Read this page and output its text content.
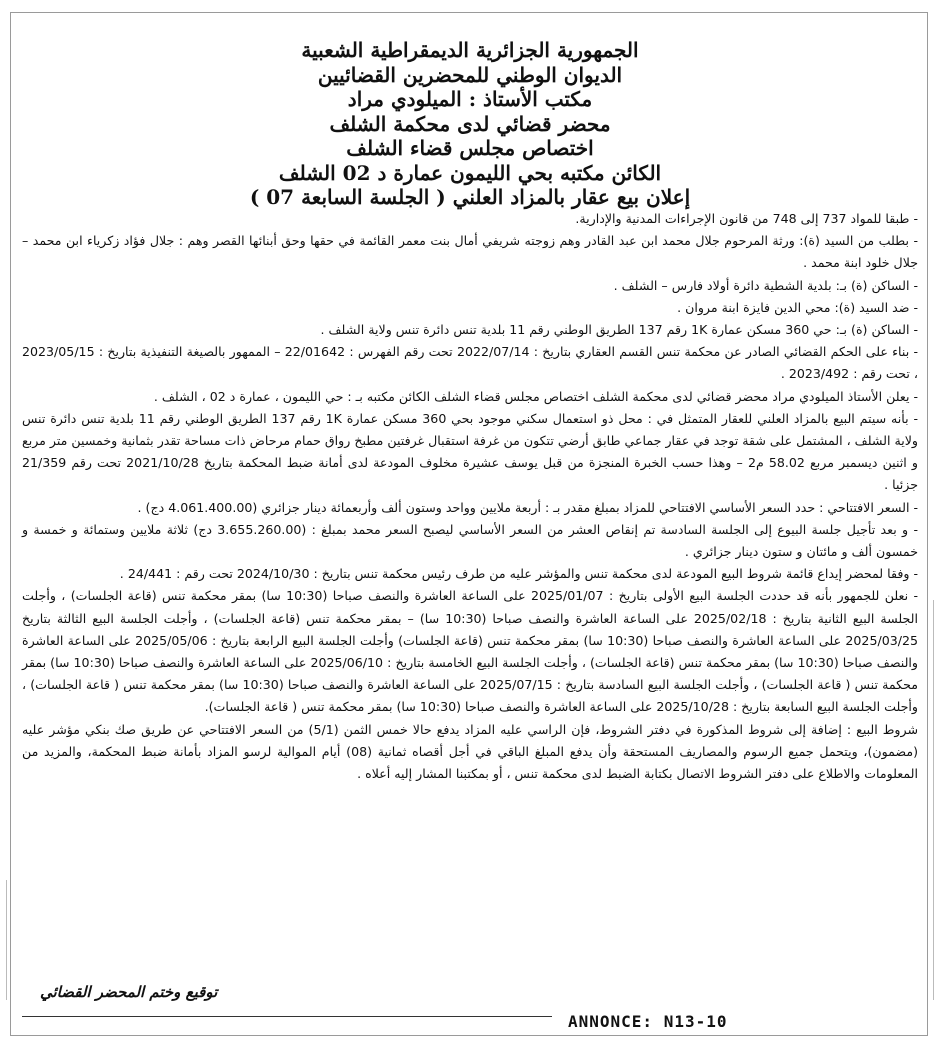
الجمهورية الجزائرية الديمقراطية الشعبية
الديوان الوطني للمحضرين القضائيين
مكتب الأستاذ : الميلودي مراد
محضر قضائي لدى محكمة الشلف
اختصاص مجلس قضاء الشلف
الكائن مكتبه بحي الليمون عمارة د 02 الشلف
إعلان بيع عقار بالمزاد العلني ( الجلسة السابعة 07 )

- طبقا للمواد 737 إلى 748 من قانون الإجراءات المدنية والإدارية.

- بطلب من السيد (ة): ورثة المرحوم جلال محمد ابن عبد القادر وهم زوجته شريفي أمال بنت معمر القائمة في حقها وحق أبنائها القصر وهم : جلال فؤاد زكرياء ابن محمد – جلال خلود ابنة محمد .

- الساكن (ة) بـ: بلدية الشطية دائرة أولاد فارس – الشلف .

- ضد السيد (ة): محي الدين فايزة ابنة مروان .

- الساكن (ة) بـ: حي 360 مسكن عمارة 1K رقم 137 الطريق الوطني رقم 11 بلدية تنس دائرة تنس ولاية الشلف .

- بناء على الحكم القضائي الصادر عن محكمة تنس القسم العقاري بتاريخ : 2022/07/14 تحت رقم الفهرس : 22/01642 – الممهور بالصيغة التنفيذية بتاريخ : 2023/05/15 ، تحت رقم : 2023/492 .

- يعلن الأستاذ الميلودي مراد محضر قضائي لدى محكمة الشلف اختصاص مجلس قضاء الشلف الكائن مكتبه بـ : حي الليمون ، عمارة د 02 ، الشلف .

- بأنه سيتم البيع بالمزاد العلني للعقار المتمثل في : محل ذو استعمال سكني موجود بحي 360 مسكن عمارة 1K رقم 137 الطريق الوطني رقم 11 بلدية تنس دائرة تنس ولاية الشلف ، المشتمل على شقة توجد في عقار جماعي طابق أرضي تتكون من غرفة استقبال غرفتين مطبخ رواق حمام مرحاض ذات مساحة تقدر بثمانية وخمسين متر مربع و اثنين ديسمبر مربع 58.02 م2 – وهذا حسب الخبرة المنجزة من قبل يوسف عشيرة مخلوف المودعة لدى أمانة ضبط المحكمة بتاريخ 2021/10/28 تحت رقم 21/359 جزئيا .

- السعر الافتتاحي : حدد السعر الأساسي الافتتاحي للمزاد بمبلغ مقدر بـ : أربعة ملايين وواحد وستون ألف وأربعمائة دينار جزائري (4.061.400.00 دج) .

- و بعد تأجيل جلسة البيوع إلى الجلسة السادسة تم إنقاص العشر من السعر الأساسي ليصبح السعر محمد بمبلغ : (3.655.260.00 دج) ثلاثة ملايين وستمائة و خمسة و خمسون ألف و مائتان و ستون دينار جزائري .

- وفقا لمحضر إيداع قائمة شروط البيع المودعة لدى محكمة تنس والمؤشر عليه من طرف رئيس محكمة تنس بتاريخ : 2024/10/30 تحت رقم : 24/441 .

- نعلن للجمهور بأنه قد حددت الجلسة البيع الأولى بتاريخ : 2025/01/07 على الساعة العاشرة والنصف صباحا (10:30 سا) بمقر محكمة تنس (قاعة الجلسات) ، وأجلت الجلسة البيع الثانية بتاريخ : 2025/02/18 على الساعة العاشرة والنصف صباحا (10:30 سا) – بمقر محكمة تنس (قاعة الجلسات) ، وأجلت الجلسة البيع الثالثة بتاريخ 2025/03/25 على الساعة العاشرة والنصف صباحا (10:30 سا) بمقر محكمة تنس (قاعة الجلسات) وأجلت الجلسة البيع الرابعة بتاريخ : 2025/05/06 على الساعة العاشرة والنصف صباحا (10:30 سا) بمقر محكمة تنس (قاعة الجلسات) ، وأجلت الجلسة البيع الخامسة بتاريخ : 2025/06/10 على الساعة العاشرة والنصف صباحا (10:30 سا) بمقر محكمة تنس ( قاعة الجلسات) ، وأجلت الجلسة البيع السادسة بتاريخ : 2025/07/15 على الساعة العاشرة والنصف صباحا (10:30 سا) بمقر محكمة تنس ( قاعة الجلسات) ، وأجلت الجلسة البيع السابعة بتاريخ : 2025/10/28 على الساعة العاشرة والنصف صباحا (10:30 سا) بمقر محكمة تنس ( قاعة الجلسات).

شروط البيع : إضافة إلى شروط المذكورة في دفتر الشروط، فإن الراسي عليه المزاد يدفع حالا خمس الثمن (5/1) من السعر الافتتاحي عن طريق صك بنكي مؤشر عليه (مضمون)، ويتحمل جميع الرسوم والمصاريف المستحقة وأن يدفع المبلغ الباقي في أجل أقصاه ثمانية (08) أيام الموالية لرسو المزاد بأمانة ضبط المحكمة، والمزيد من المعلومات والاطلاع على دفتر الشروط الاتصال بكتابة الضبط لدى محكمة تنس ، أو بمكتبنا المشار إليه أعلاه .

توقيع وختم المحضر القضائي
ANNONCE: N13-10
